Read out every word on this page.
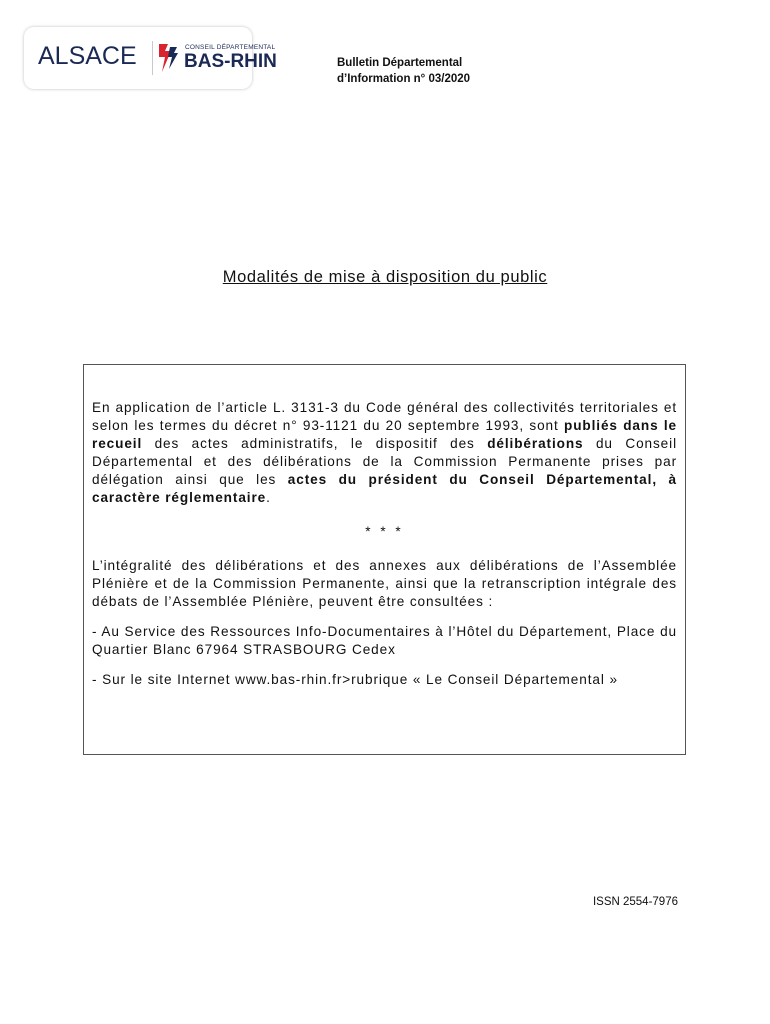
ALSACE	CONSEIL DÉPARTEMENTAL
BAS-RHIN	Bulletin Départemental
d’Information n° 03/2020
Modalités de mise à disposition du public

En application de l’article L. 3131-3 du Code général des collectivités territoriales et selon les termes du décret n° 93-1121 du 20 septembre 1993, sont publiés dans le recueil des actes administratifs, le dispositif des délibérations du Conseil Départemental et des délibérations de la Commission Permanente prises par délégation ainsi que les actes du président du Conseil Départemental, à caractère réglementaire.

* * *

L’intégralité des délibérations et des annexes aux délibérations de l’Assemblée Plénière et de la Commission Permanente, ainsi que la retranscription intégrale des débats de l’Assemblée Plénière, peuvent être consultées :

- Au Service des Ressources Info-Documentaires à l’Hôtel du Département, Place du Quartier Blanc 67964 STRASBOURG Cedex

- Sur le site Internet www.bas-rhin.fr>rubrique « Le Conseil Départemental »

ISSN 2554-7976
